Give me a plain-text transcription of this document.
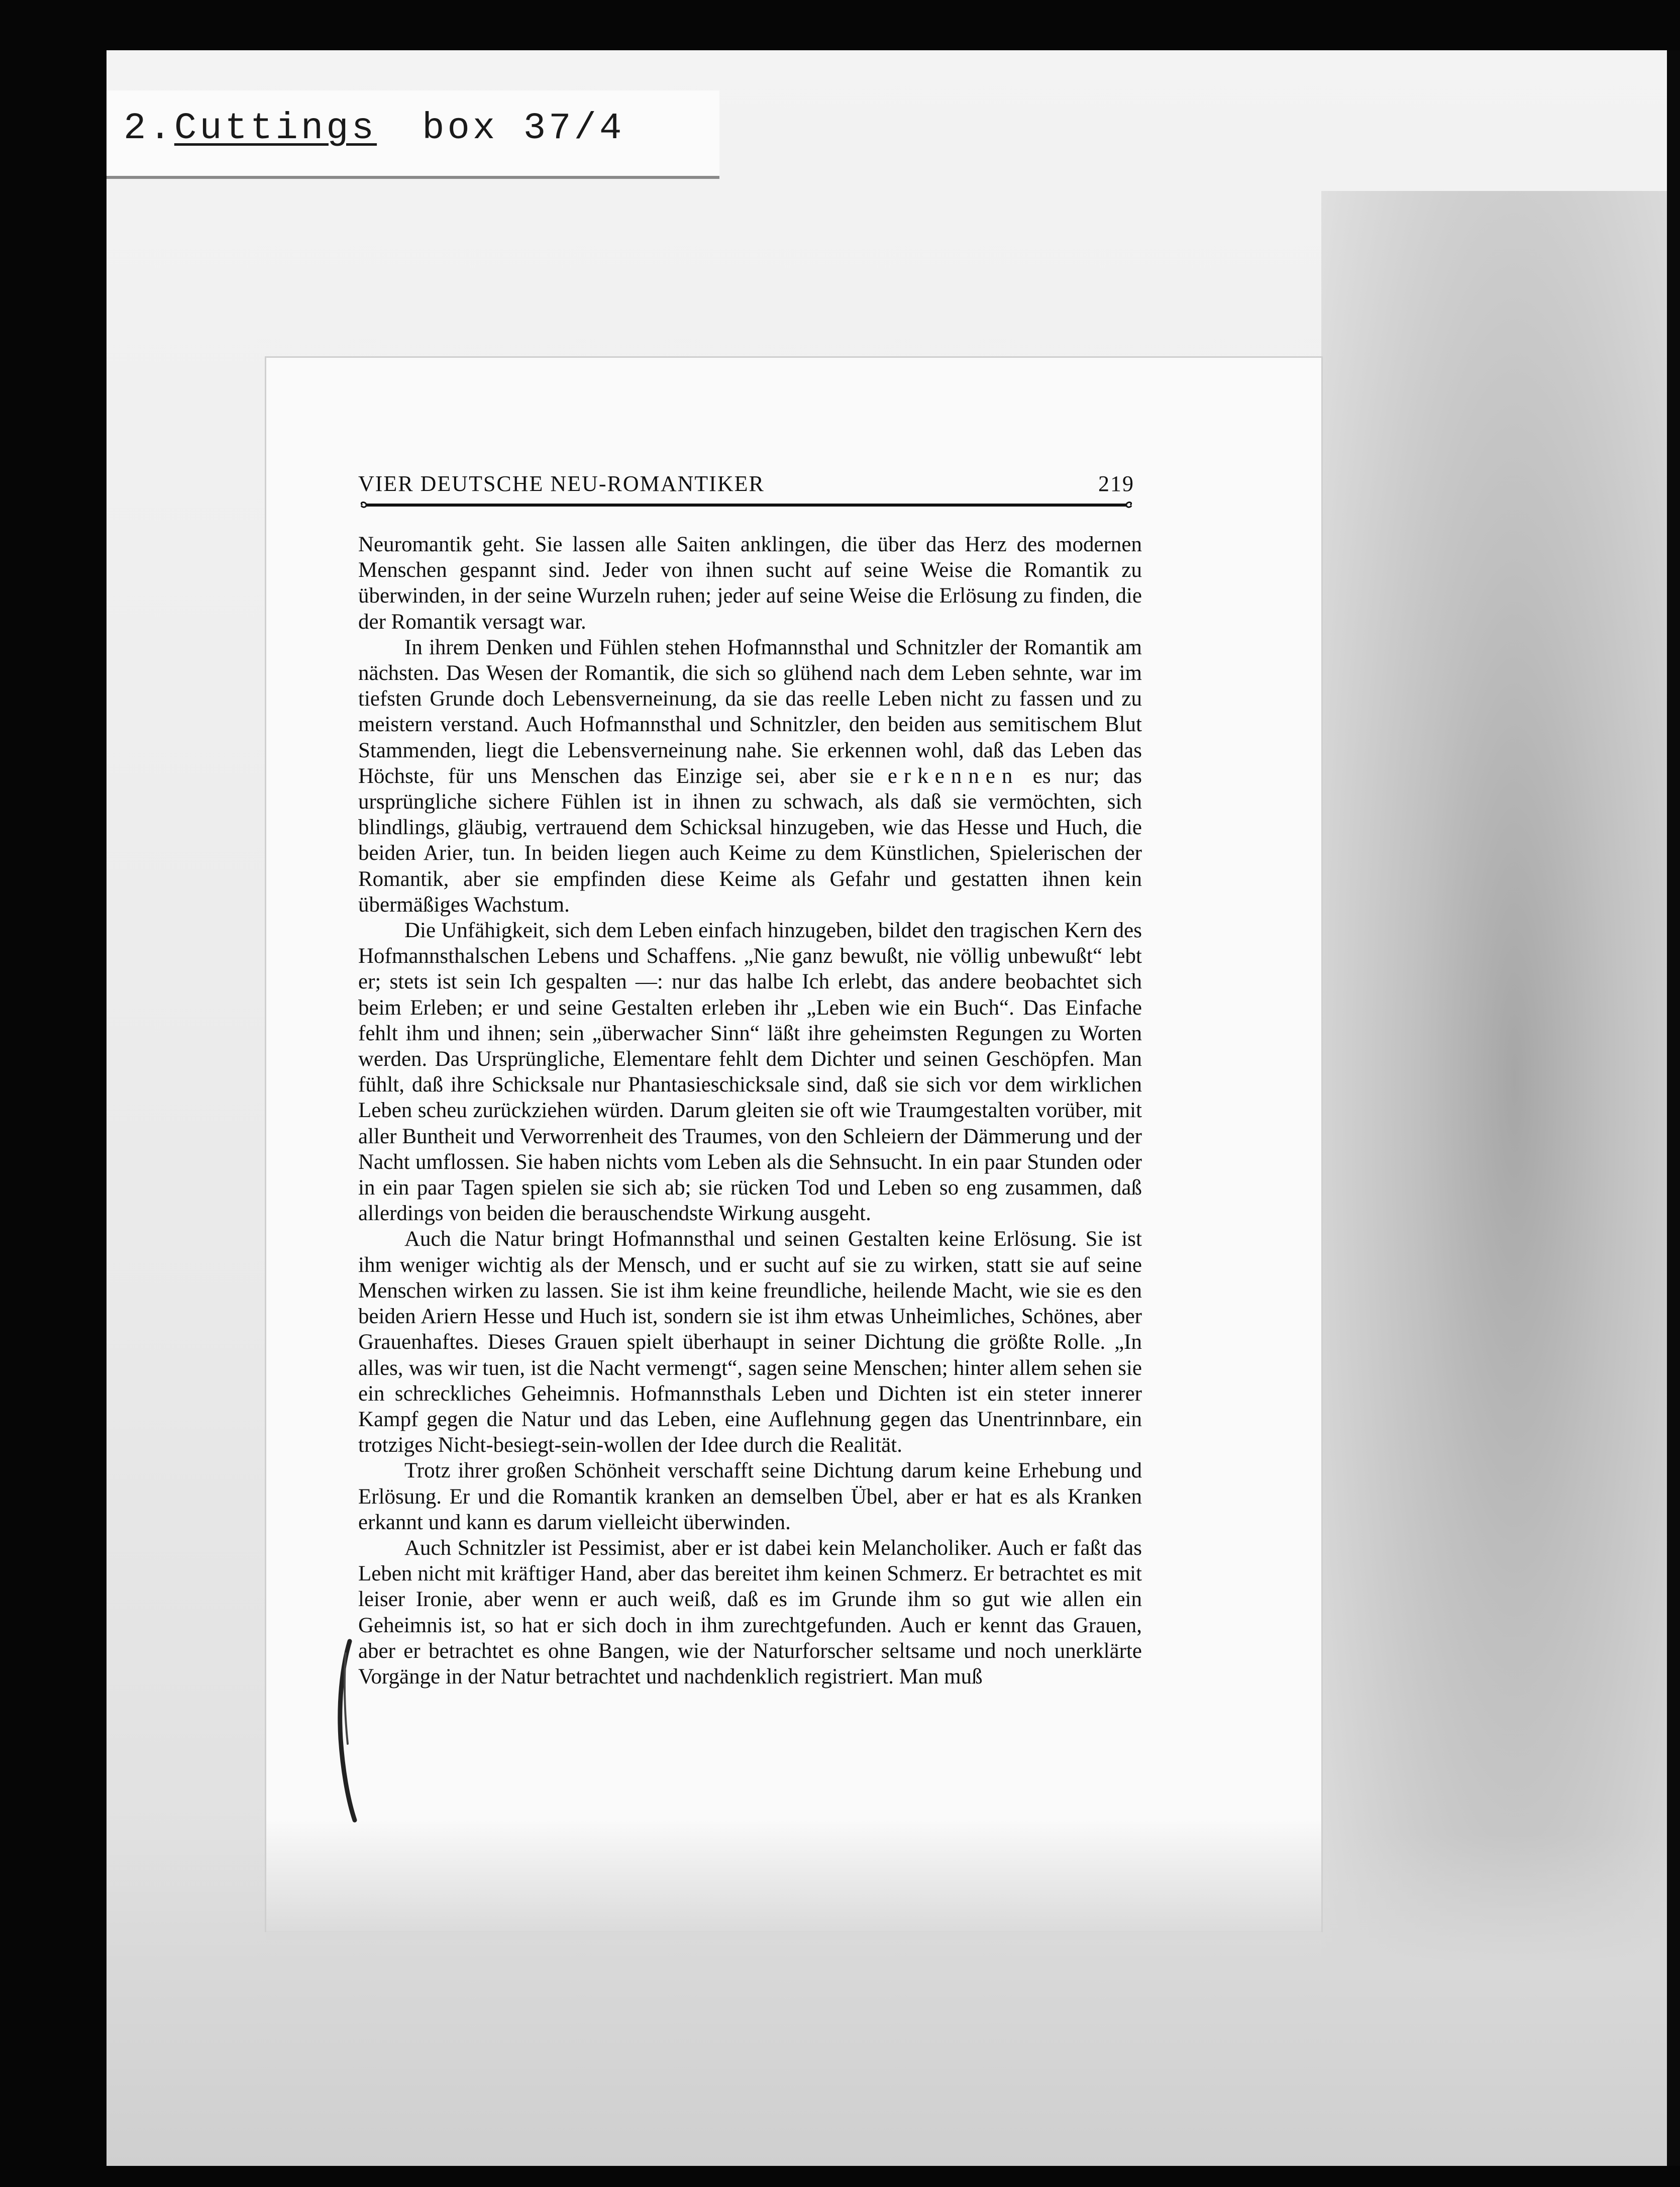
2. Cuttings box 37/4
VIER DEUTSCHE NEU-ROMANTIKER	219

Neuromantik geht. Sie lassen alle Saiten anklingen, die über das Herz des modernen Menschen gespannt sind. Jeder von ihnen sucht auf seine Weise die Romantik zu überwinden, in der seine Wurzeln ruhen; jeder auf seine Weise die Erlösung zu finden, die der Romantik versagt war.

In ihrem Denken und Fühlen stehen Hofmannsthal und Schnitzler der Romantik am nächsten. Das Wesen der Romantik, die sich so glühend nach dem Leben sehnte, war im tiefsten Grunde doch Lebensverneinung, da sie das reelle Leben nicht zu fassen und zu meistern verstand. Auch Hofmannsthal und Schnitzler, den beiden aus semitischem Blut Stammenden, liegt die Lebensverneinung nahe. Sie erkennen wohl, daß das Leben das Höchste, für uns Menschen das Einzige sei, aber sie erkennen es nur; das ursprüngliche sichere Fühlen ist in ihnen zu schwach, als daß sie vermöchten, sich blindlings, gläubig, vertrauend dem Schicksal hinzugeben, wie das Hesse und Huch, die beiden Arier, tun. In beiden liegen auch Keime zu dem Künstlichen, Spielerischen der Romantik, aber sie empfinden diese Keime als Gefahr und gestatten ihnen kein übermäßiges Wachstum.

Die Unfähigkeit, sich dem Leben einfach hinzugeben, bildet den tragischen Kern des Hofmannsthalschen Lebens und Schaffens. „Nie ganz bewußt, nie völlig unbewußt“ lebt er; stets ist sein Ich gespalten —: nur das halbe Ich erlebt, das andere beobachtet sich beim Erleben; er und seine Gestalten erleben ihr „Leben wie ein Buch“. Das Einfache fehlt ihm und ihnen; sein „überwacher Sinn“ läßt ihre geheimsten Regungen zu Worten werden. Das Ursprüngliche, Elementare fehlt dem Dichter und seinen Geschöpfen. Man fühlt, daß ihre Schicksale nur Phantasieschicksale sind, daß sie sich vor dem wirklichen Leben scheu zurückziehen würden. Darum gleiten sie oft wie Traumgestalten vorüber, mit aller Buntheit und Verworrenheit des Traumes, von den Schleiern der Dämmerung und der Nacht umflossen. Sie haben nichts vom Leben als die Sehnsucht. In ein paar Stunden oder in ein paar Tagen spielen sie sich ab; sie rücken Tod und Leben so eng zusammen, daß allerdings von beiden die berauschendste Wirkung ausgeht.

Auch die Natur bringt Hofmannsthal und seinen Gestalten keine Erlösung. Sie ist ihm weniger wichtig als der Mensch, und er sucht auf sie zu wirken, statt sie auf seine Menschen wirken zu lassen. Sie ist ihm keine freundliche, heilende Macht, wie sie es den beiden Ariern Hesse und Huch ist, sondern sie ist ihm etwas Unheimliches, Schönes, aber Grauenhaftes. Dieses Grauen spielt überhaupt in seiner Dichtung die größte Rolle. „In alles, was wir tuen, ist die Nacht vermengt“, sagen seine Menschen; hinter allem sehen sie ein schreckliches Geheimnis. Hofmannsthals Leben und Dichten ist ein steter innerer Kampf gegen die Natur und das Leben, eine Auflehnung gegen das Unentrinnbare, ein trotziges Nicht-besiegt-sein-wollen der Idee durch die Realität.

Trotz ihrer großen Schönheit verschafft seine Dichtung darum keine Erhebung und Erlösung. Er und die Romantik kranken an demselben Übel, aber er hat es als Kranken erkannt und kann es darum vielleicht überwinden.

Auch Schnitzler ist Pessimist, aber er ist dabei kein Melancholiker. Auch er faßt das Leben nicht mit kräftiger Hand, aber das bereitet ihm keinen Schmerz. Er betrachtet es mit leiser Ironie, aber wenn er auch weiß, daß es im Grunde ihm so gut wie allen ein Geheimnis ist, so hat er sich doch in ihm zurechtgefunden. Auch er kennt das Grauen, aber er betrachtet es ohne Bangen, wie der Naturforscher seltsame und noch unerklärte Vorgänge in der Natur betrachtet und nachdenklich registriert. Man muß
